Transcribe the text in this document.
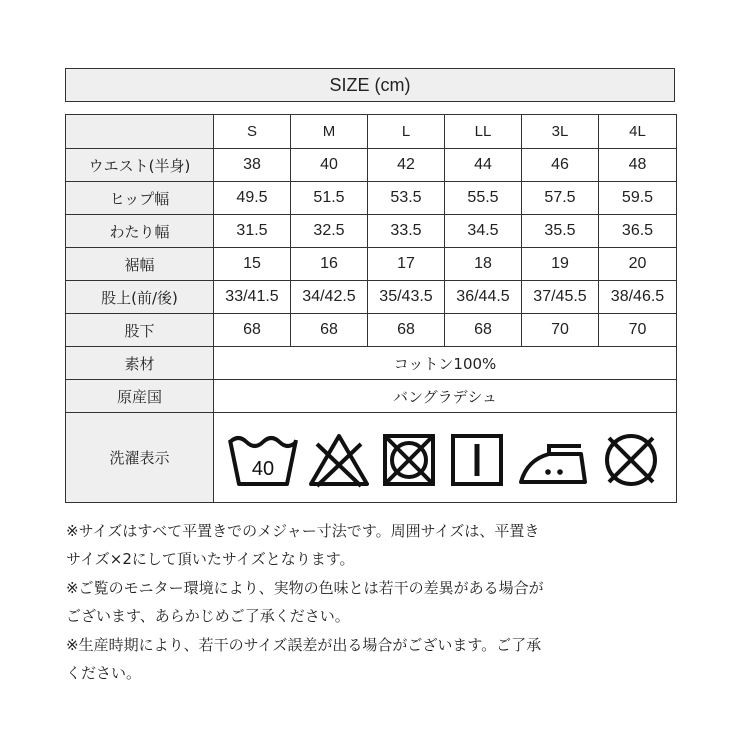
SIZE (cm)
	S	M	L	LL	3L	4L
ウエスト(半身)	38	40	42	44	46	48
ヒップ幅	49.5	51.5	53.5	55.5	57.5	59.5
わたり幅	31.5	32.5	33.5	34.5	35.5	36.5
裾幅	15	16	17	18	19	20
股上(前/後)	33/41.5	34/42.5	35/43.5	36/44.5	37/45.5	38/46.5
股下	68	68	68	68	70	70
素材	コットン100%					
原産国	バングラデシュ					
洗濯表示	40					

※サイズはすべて平置きでのメジャー寸法です。周囲サイズは、平置き

サイズ×2にして頂いたサイズとなります。

※ご覧のモニター環境により、実物の色味とは若干の差異がある場合が

ございます、あらかじめご了承ください。

※生産時期により、若干のサイズ誤差が出る場合がございます。ご了承

ください。
